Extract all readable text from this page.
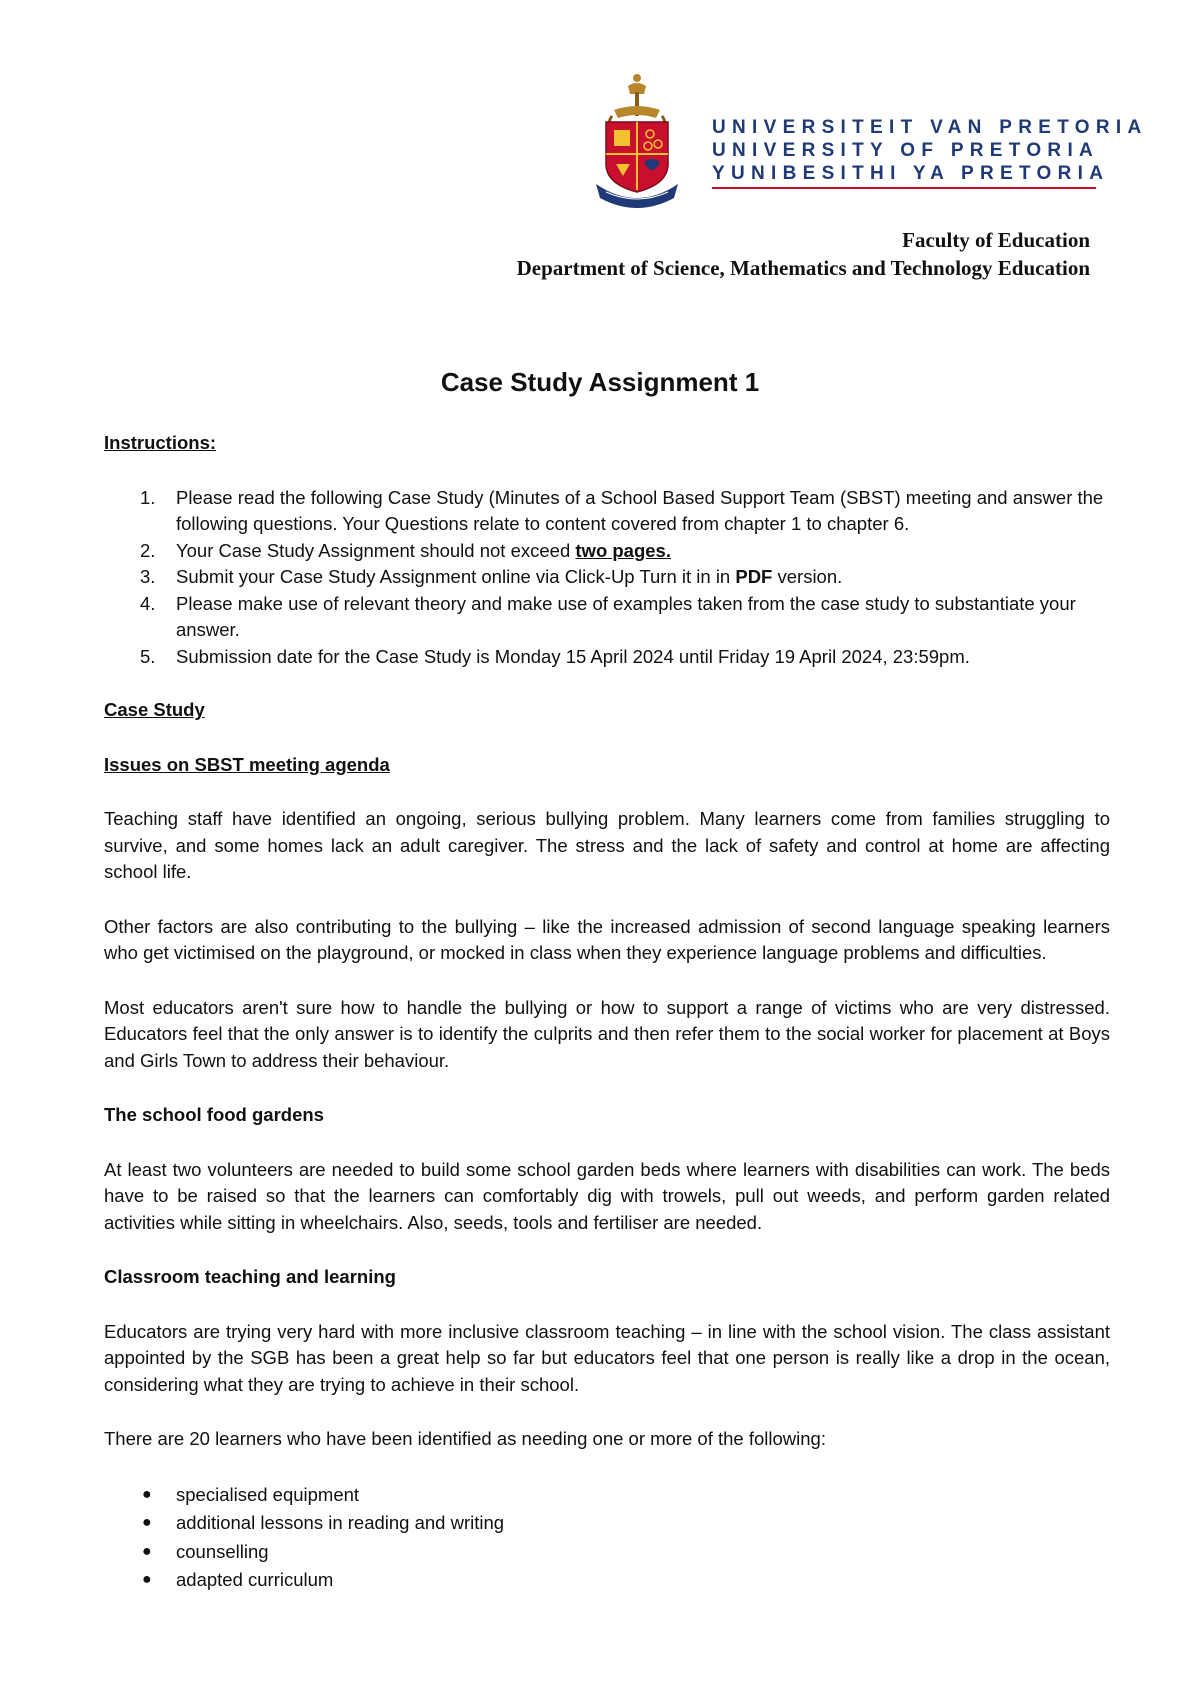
UNIVERSITEIT VAN PRETORIA
UNIVERSITY OF PRETORIA
YUNIBESITHI YA PRETORIA
Faculty of Education
Department of Science, Mathematics and Technology Education
Case Study Assignment 1

Instructions:

1. Please read the following Case Study (Minutes of a School Based Support Team (SBST) meeting and answer the following questions. Your Questions relate to content covered from chapter 1 to chapter 6.
2. Your Case Study Assignment should not exceed two pages.
3. Submit your Case Study Assignment online via Click-Up Turn it in in PDF version.
4. Please make use of relevant theory and make use of examples taken from the case study to substantiate your answer.
5. Submission date for the Case Study is Monday 15 April 2024 until Friday 19 April 2024, 23:59pm.

Case Study

Issues on SBST meeting agenda

Teaching staff have identified an ongoing, serious bullying problem. Many learners come from families struggling to survive, and some homes lack an adult caregiver. The stress and the lack of safety and control at home are affecting school life.

Other factors are also contributing to the bullying – like the increased admission of second language speaking learners who get victimised on the playground, or mocked in class when they experience language problems and difficulties.

Most educators aren't sure how to handle the bullying or how to support a range of victims who are very distressed. Educators feel that the only answer is to identify the culprits and then refer them to the social worker for placement at Boys and Girls Town to address their behaviour.

The school food gardens

At least two volunteers are needed to build some school garden beds where learners with disabilities can work. The beds have to be raised so that the learners can comfortably dig with trowels, pull out weeds, and perform garden related activities while sitting in wheelchairs. Also, seeds, tools and fertiliser are needed.

Classroom teaching and learning

Educators are trying very hard with more inclusive classroom teaching – in line with the school vision. The class assistant appointed by the SGB has been a great help so far but educators feel that one person is really like a drop in the ocean, considering what they are trying to achieve in their school.

There are 20 learners who have been identified as needing one or more of the following:

● specialised equipment
● additional lessons in reading and writing
● counselling
● adapted curriculum
